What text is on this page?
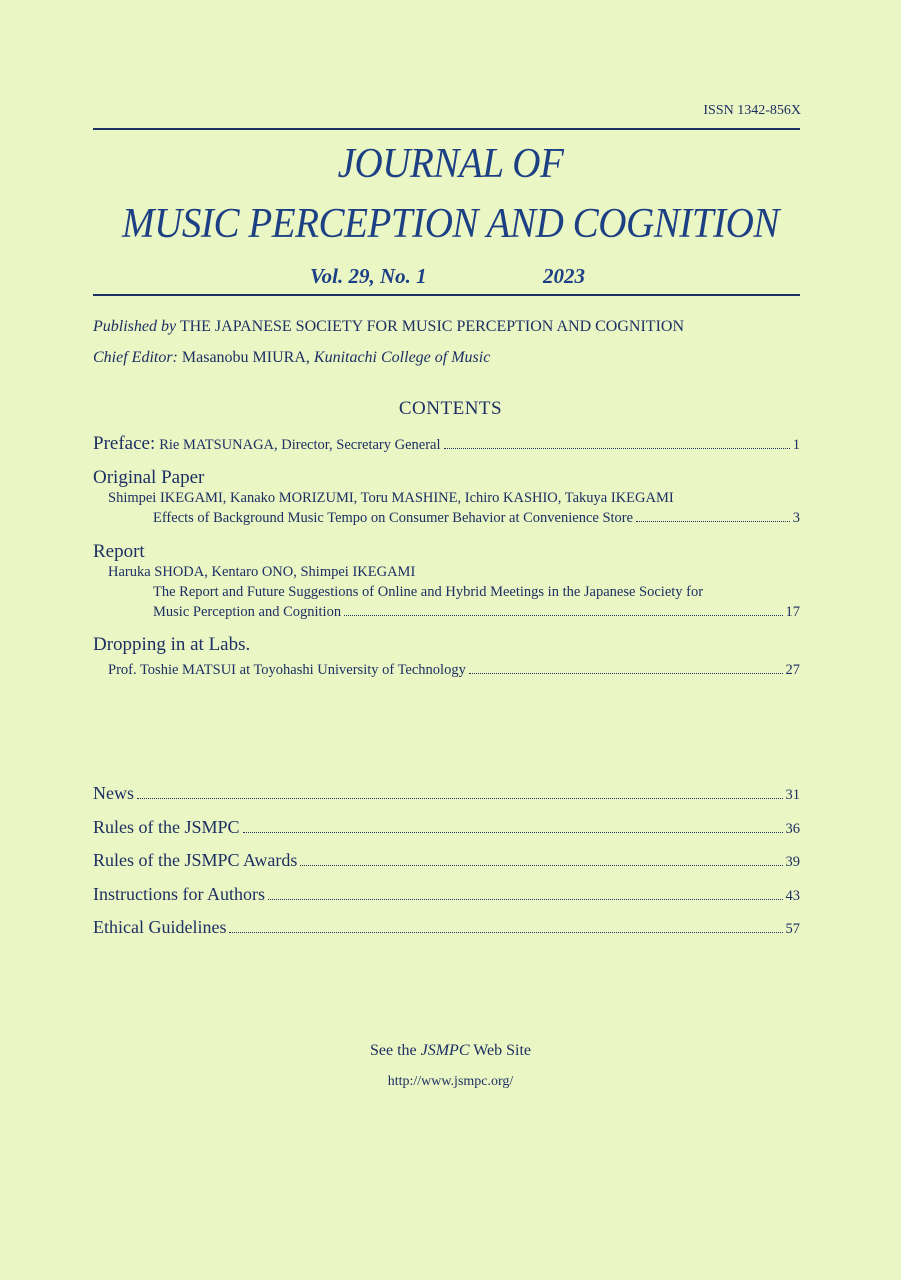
ISSN 1342-856X
JOURNAL OF
MUSIC PERCEPTION AND COGNITION
Vol. 29, No. 1	2023
Published by THE JAPANESE SOCIETY FOR MUSIC PERCEPTION AND COGNITION
Chief Editor: Masanobu MIURA, Kunitachi College of Music
CONTENTS
Preface: Rie MATSUNAGA, Director, Secretary General	1
Original Paper
Shimpei IKEGAMI, Kanako MORIZUMI, Toru MASHINE, Ichiro KASHIO, Takuya IKEGAMI
Effects of Background Music Tempo on Consumer Behavior at Convenience Store	3
Report
Haruka SHODA, Kentaro ONO, Shimpei IKEGAMI
The Report and Future Suggestions of Online and Hybrid Meetings in the Japanese Society for
Music Perception and Cognition	17
Dropping in at Labs.
Prof. Toshie MATSUI at Toyohashi University of Technology	27
News	31
Rules of the JSMPC	36
Rules of the JSMPC Awards	39
Instructions for Authors	43
Ethical Guidelines	57
See the JSMPC Web Site
http://www.jsmpc.org/
